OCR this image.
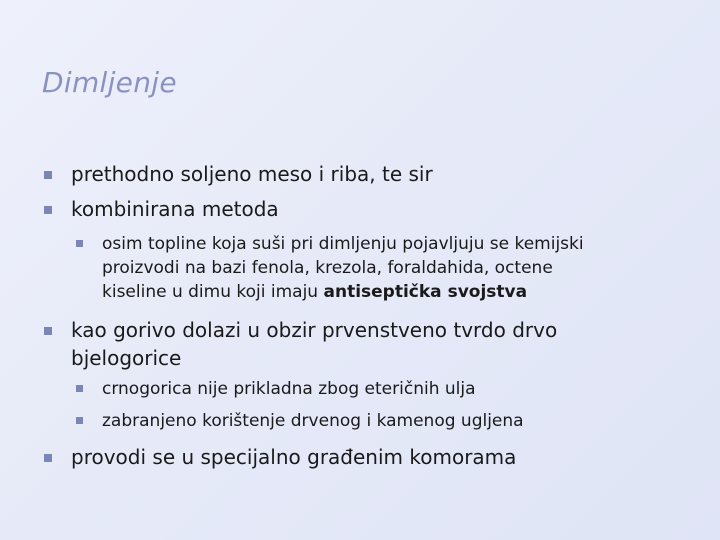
Dimljenje
prethodno soljeno meso i riba, te sir
kombinirana metoda
osim topline koja suši pri dimljenju pojavljuju se kemijski
proizvodi na bazi fenola, krezola, foraldahida, octene
kiseline u dimu koji imaju antiseptička svojstva
kao gorivo dolazi u obzir prvenstveno tvrdo drvo
bjelogorice
crnogorica nije prikladna zbog eteričnih ulja
zabranjeno korištenje drvenog i kamenog ugljena
provodi se u specijalno građenim komorama
